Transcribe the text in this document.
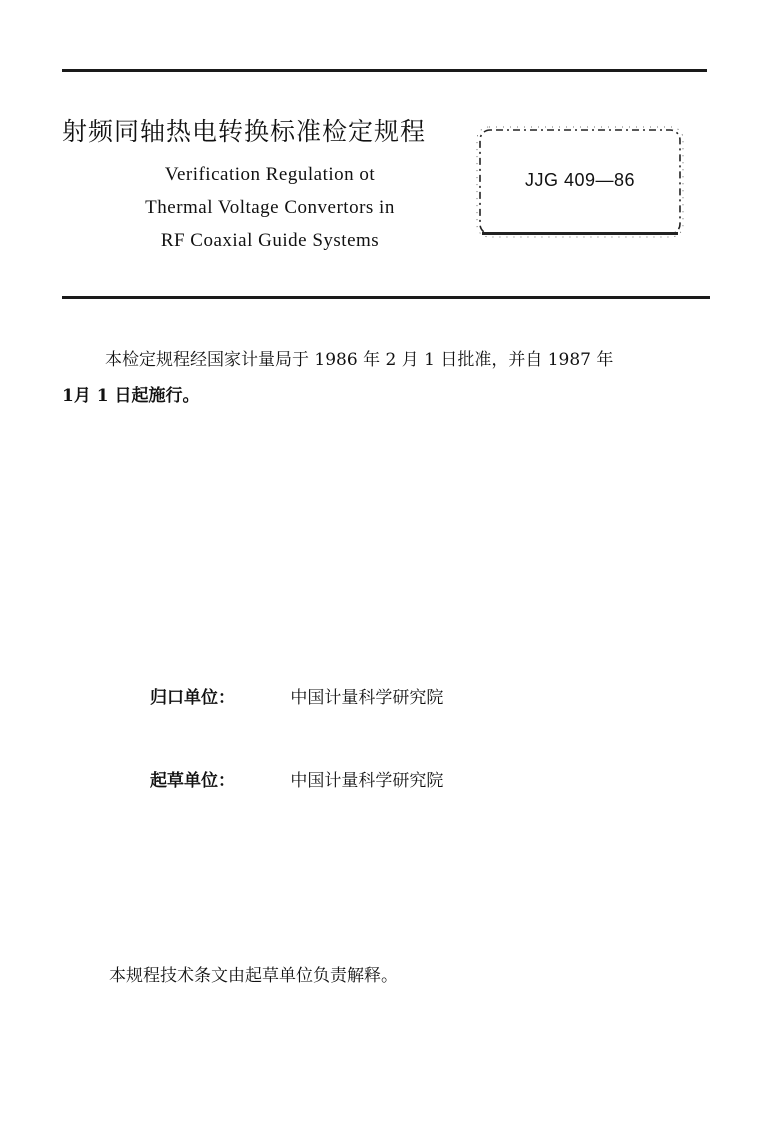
射频同轴热电转换标准检定规程
Verification Regulation ot
Thermal Voltage Convertors in
RF Coaxial Guide Systems
JJG 409—86
本检定规程经国家计量局于 1986 年 2 月 1 日批准，并自 1987 年
1月 1 日起施行。
归口单位：	中国计量科学研究院
起草单位：	中国计量科学研究院
本规程技术条文由起草单位负责解释。
